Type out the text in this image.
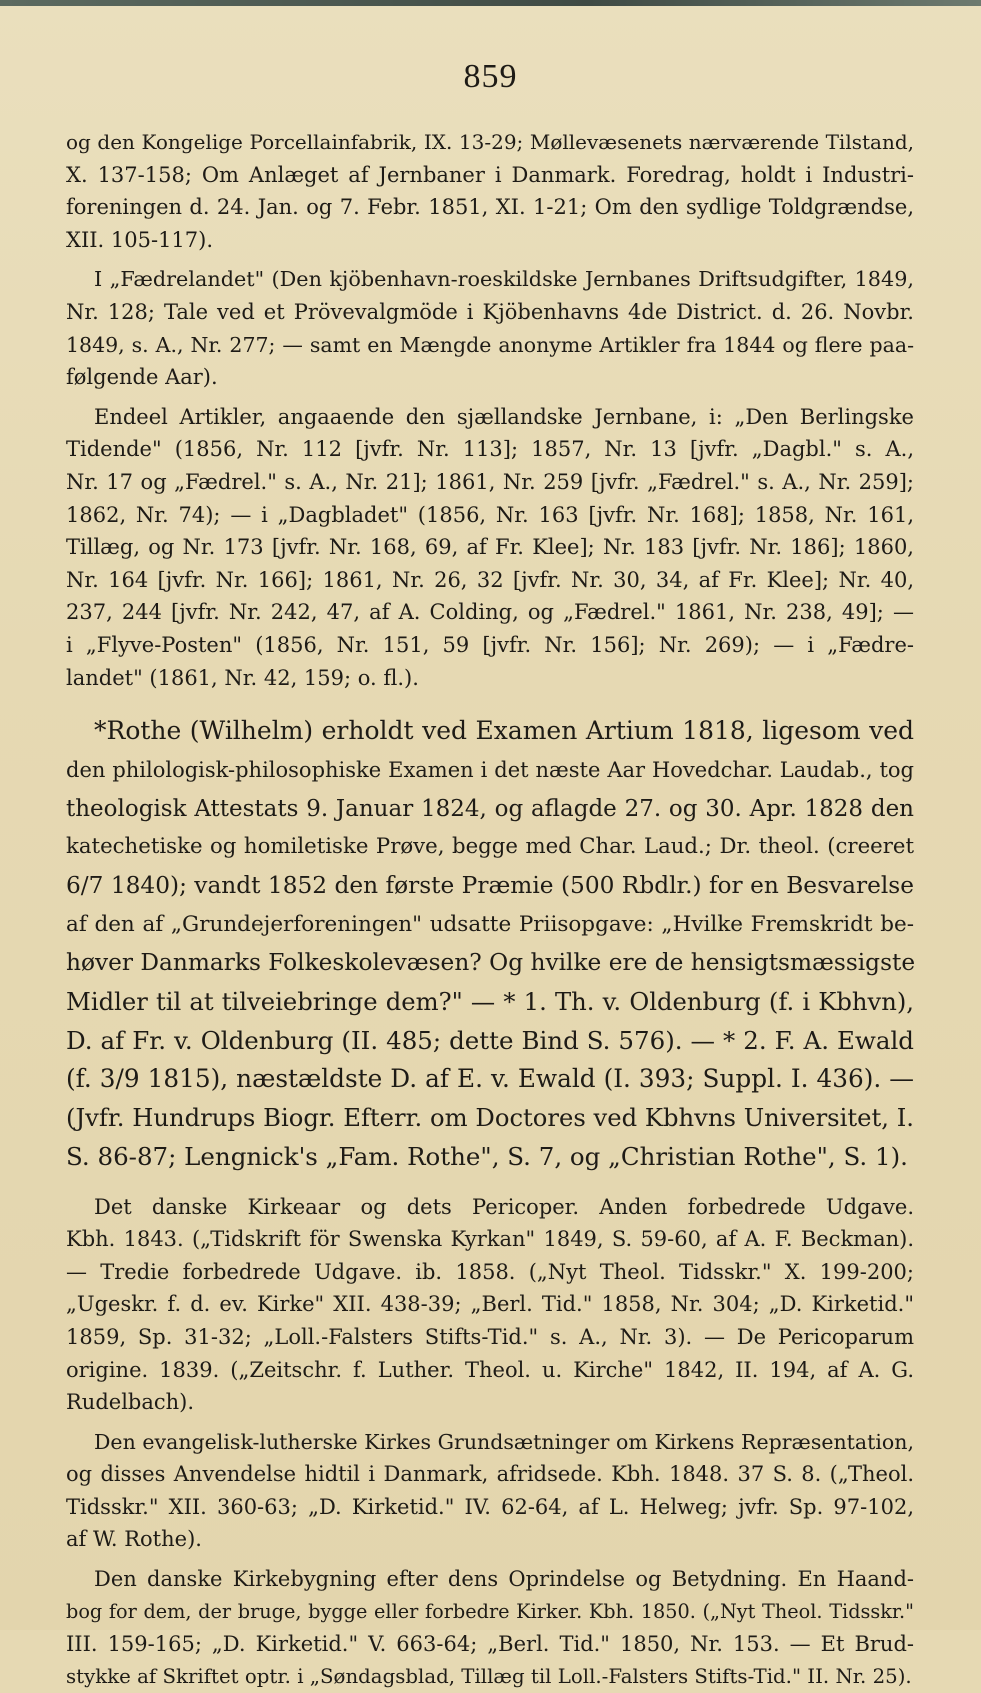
859
og den Kongelige Porcellainfabrik, IX. 13-29; Møllevæsenets nærværende Tilstand,
X. 137-158; Om Anlæget af Jernbaner i Danmark. Foredrag, holdt i Industri-
foreningen d. 24. Jan. og 7. Febr. 1851, XI. 1-21; Om den sydlige Toldgrændse,
XII. 105-117).
I „Fædrelandet" (Den kjöbenhavn-roeskildske Jernbanes Driftsudgifter, 1849,
Nr. 128; Tale ved et Prövevalgmöde i Kjöbenhavns 4de District. d. 26. Novbr.
1849, s. A., Nr. 277; — samt en Mængde anonyme Artikler fra 1844 og flere paa-
følgende Aar).
Endeel Artikler, angaaende den sjællandske Jernbane, i: „Den Berlingske
Tidende" (1856, Nr. 112 [jvfr. Nr. 113]; 1857, Nr. 13 [jvfr. „Dagbl." s. A.,
Nr. 17 og „Fædrel." s. A., Nr. 21]; 1861, Nr. 259 [jvfr. „Fædrel." s. A., Nr. 259];
1862, Nr. 74); — i „Dagbladet" (1856, Nr. 163 [jvfr. Nr. 168]; 1858, Nr. 161,
Tillæg, og Nr. 173 [jvfr. Nr. 168, 69, af Fr. Klee]; Nr. 183 [jvfr. Nr. 186]; 1860,
Nr. 164 [jvfr. Nr. 166]; 1861, Nr. 26, 32 [jvfr. Nr. 30, 34, af Fr. Klee]; Nr. 40,
237, 244 [jvfr. Nr. 242, 47, af A. Colding, og „Fædrel." 1861, Nr. 238, 49]; —
i „Flyve-Posten" (1856, Nr. 151, 59 [jvfr. Nr. 156]; Nr. 269); — i „Fædre-
landet" (1861, Nr. 42, 159; o. fl.).
*Rothe (Wilhelm) erholdt ved Examen Artium 1818, ligesom ved
den philologisk-philosophiske Examen i det næste Aar Hovedchar. Laudab., tog
theologisk Attestats 9. Januar 1824, og aflagde 27. og 30. Apr. 1828 den
katechetiske og homiletiske Prøve, begge med Char. Laud.; Dr. theol. (creeret
6/7 1840); vandt 1852 den første Præmie (500 Rbdlr.) for en Besvarelse
af den af „Grundejerforeningen" udsatte Priisopgave: „Hvilke Fremskridt be-
høver Danmarks Folkeskolevæsen? Og hvilke ere de hensigtsmæssigste
Midler til at tilveiebringe dem?" — * 1. Th. v. Oldenburg (f. i Kbhvn),
D. af Fr. v. Oldenburg (II. 485; dette Bind S. 576). — * 2. F. A. Ewald
(f. 3/9 1815), næstældste D. af E. v. Ewald (I. 393; Suppl. I. 436). —
(Jvfr. Hundrups Biogr. Efterr. om Doctores ved Kbhvns Universitet, I.
S. 86-87; Lengnick's „Fam. Rothe", S. 7, og „Christian Rothe", S. 1).
Det danske Kirkeaar og dets Pericoper. Anden forbedrede Udgave.
Kbh. 1843. („Tidskrift för Swenska Kyrkan" 1849, S. 59-60, af A. F. Beckman).
— Tredie forbedrede Udgave. ib. 1858. („Nyt Theol. Tidsskr." X. 199-200;
„Ugeskr. f. d. ev. Kirke" XII. 438-39; „Berl. Tid." 1858, Nr. 304; „D. Kirketid."
1859, Sp. 31-32; „Loll.-Falsters Stifts-Tid." s. A., Nr. 3). — De Pericoparum
origine. 1839. („Zeitschr. f. Luther. Theol. u. Kirche" 1842, II. 194, af A. G.
Rudelbach).
Den evangelisk-lutherske Kirkes Grundsætninger om Kirkens Repræsentation,
og disses Anvendelse hidtil i Danmark, afridsede. Kbh. 1848. 37 S. 8. („Theol.
Tidsskr." XII. 360-63; „D. Kirketid." IV. 62-64, af L. Helweg; jvfr. Sp. 97-102,
af W. Rothe).
Den danske Kirkebygning efter dens Oprindelse og Betydning. En Haand-
bog for dem, der bruge, bygge eller forbedre Kirker. Kbh. 1850. („Nyt Theol. Tidsskr."
III. 159-165; „D. Kirketid." V. 663-64; „Berl. Tid." 1850, Nr. 153. — Et Brud-
stykke af Skriftet optr. i „Søndagsblad, Tillæg til Loll.-Falsters Stifts-Tid." II. Nr. 25).
